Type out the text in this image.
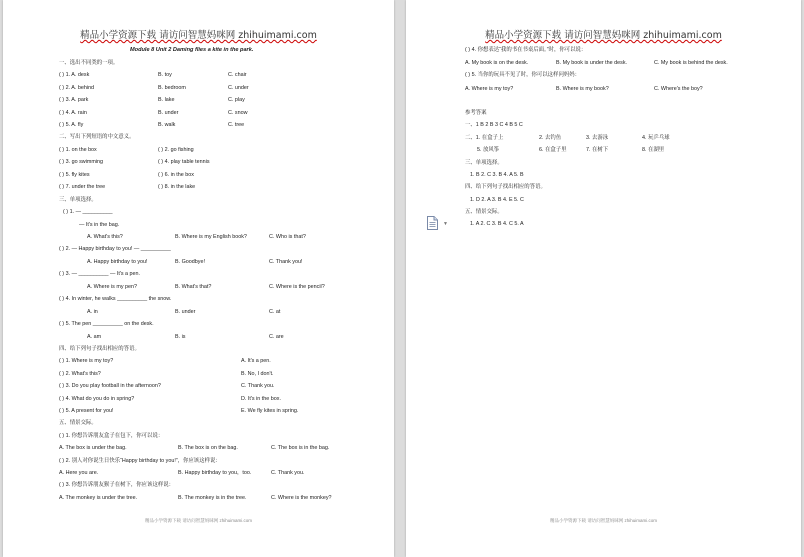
精品小学资源下载 请访问智慧妈咪网 zhihuimami.com
Module 8 Unit 2 Daming flies a kite in the park.
一、选出不同类的一项。
( ) 1. A. desk	B. toy	C. chair
( ) 2. A. behind	B. bedroom	C. under
( ) 3. A. park	B. lake	C. play
( ) 4. A. rain	B. under	C. snow
( ) 5. A. fly	B. walk	C. tree
二、写出下列短语的中文意义。
( ) 1. on the box	( ) 2. go fishing
( ) 3. go swimming	( ) 4. play table tennis
( ) 5. fly kites	( ) 6. in the box
( ) 7. under the tree	( ) 8. in the lake
三、单项选择。
( ) 1. — __________
— It's in the bag.
A. What's this?	B. Where is my English book?	C. Who is that?
( ) 2. — Happy birthday to you! — __________
A. Happy birthday to you!	B. Goodbye!	C. Thank you!
( ) 3. — __________ — It's a pen.
A. Where is my pen?	B. What's that?	C. Where is the pencil?
( ) 4. In winter, he walks __________ the snow.
A. in	B. under	C. at
( ) 5. The pen __________ on the desk.
A. am	B. is	C. are
四、给下列句子找出相应的答语。
( ) 1. Where is my toy?	A. It's a pen.
( ) 2. What's this?	B. No, I don't.
( ) 3. Do you play football in the afternoon?	C. Thank you.
( ) 4. What do you do in spring?	D. It's in the box.
( ) 5. A present for you!	E. We fly kites in spring.
五、情景交际。
( ) 1. 你想告诉朋友盒子在包下，你可以说：
A. The box is under the bag.	B. The box is on the bag.	C. The box is in the bag.
( ) 2. 别人对你说生日快乐“Happy birthday to you!”，你应该这样说：
A. Here you are.	B. Happy birthday to you，too.	C. Thank you.
( ) 3. 你想告诉朋友猴子在树下，你应该这样说：
A. The monkey is under the tree.	B. The monkey is in the tree.	C. Where is the monkey?
精品小学资源下载 请访问智慧妈咪网 zhihuimami.com
精品小学资源下载 请访问智慧妈咪网 zhihuimami.com
( ) 4. 你想表达“我的书在书桌后面。”时，你可以说：
A. My book is on the desk.	B. My book is under the desk.	C. My book is behind the desk.
( ) 5. 当你的玩具不见了时，你可以这样问妈妈：
A. Where is my toy?	B. Where is my book?	C. Where's the boy?
参考答案
一、1 B 2 B 3 C 4 B 5 C
二、1. 在盒子上	2. 去钓鱼	3. 去游泳	4. 玩乒乓球
5. 放风筝	6. 在盒子里	7. 在树下	8. 在湖里
三、单项选择。
1. B 2. C 3. B 4. A 5. B
四、给下列句子找出相应的答语。
1. D 2. A 3. B 4. E 5. C
五、情景交际。
1. A 2. C 3. B 4. C 5. A
▼
精品小学资源下载 请访问智慧妈咪网 zhihuimami.com
